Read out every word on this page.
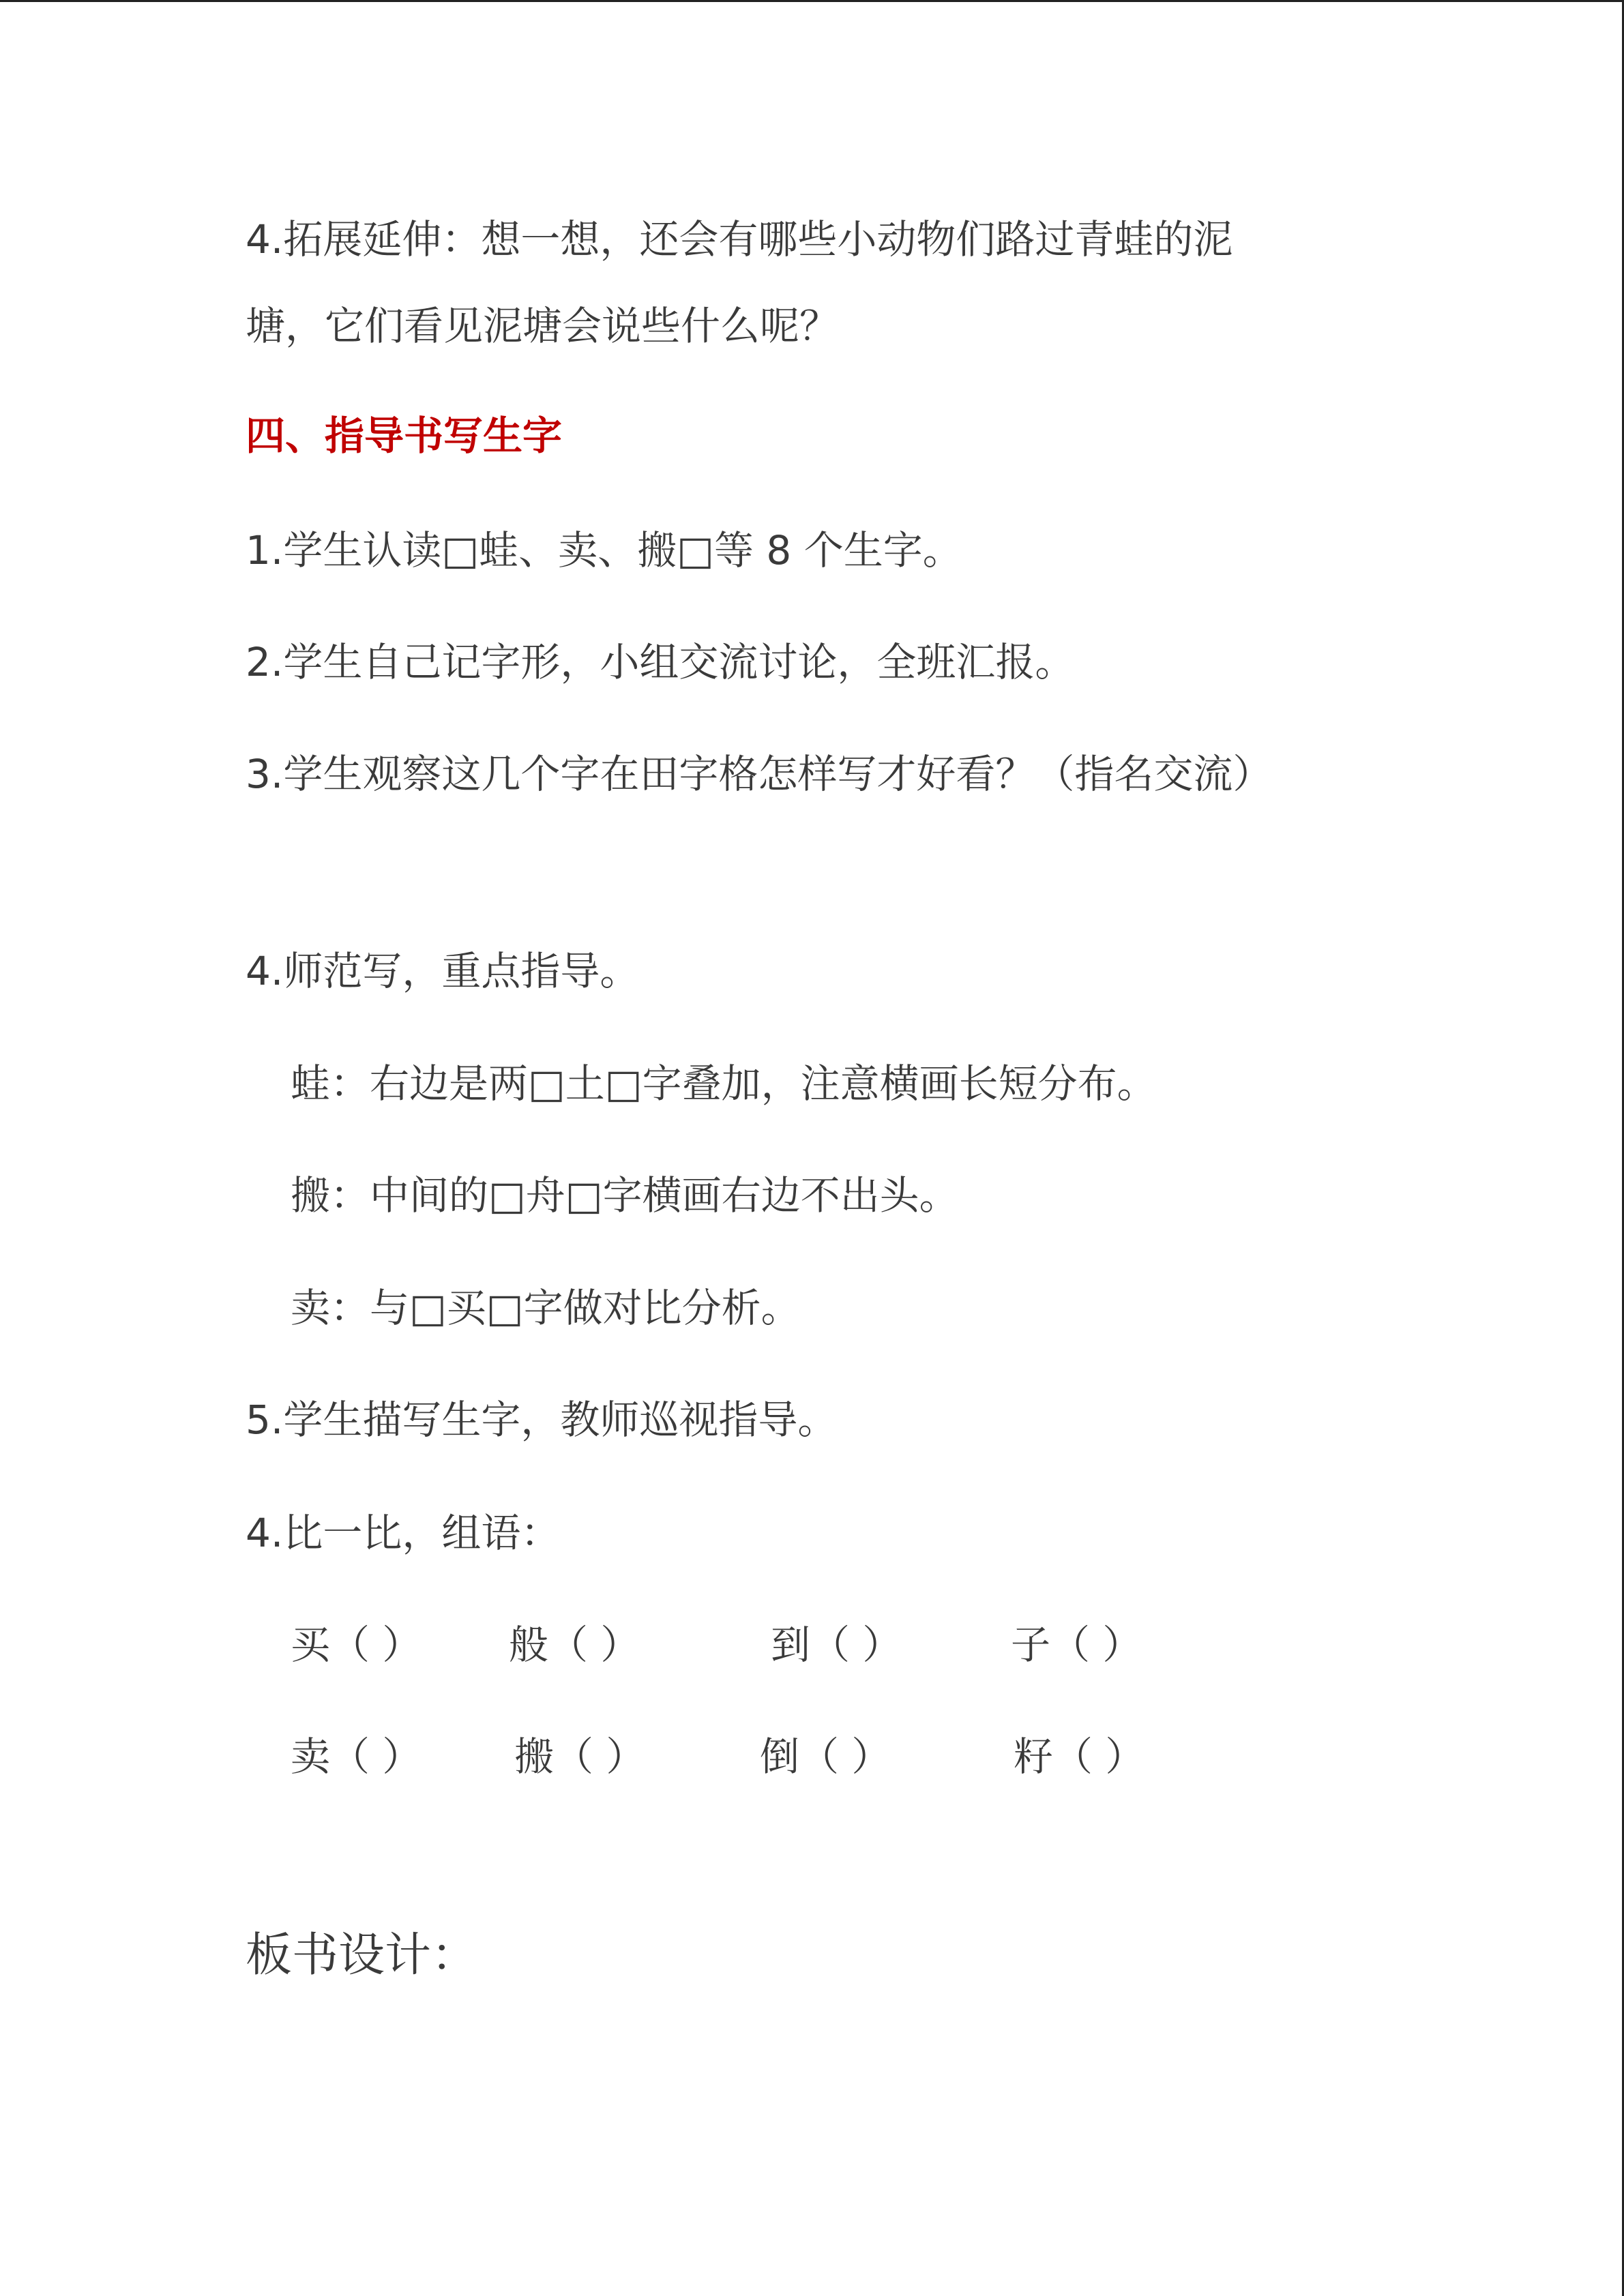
4.拓展延伸：想一想，还会有哪些小动物们路过青蛙的泥

塘，它们看见泥塘会说些什么呢？

四、指导书写生字

1.学生认读□蛙、卖、搬□等 8 个生字。

2.学生自己记字形，小组交流讨论，全班汇报。

3.学生观察这几个字在田字格怎样写才好看？（指名交流）

4.师范写，重点指导。

蛙：右边是两□土□字叠加，注意横画长短分布。

搬：中间的□舟□字横画右边不出头。

卖：与□买□字做对比分析。

5.学生描写生字，教师巡视指导。

4.比一比，组语：

买（ ） 般（ ）	到（ ）	子（ ）
卖（ ） 搬（ ）	倒（ ）	籽（ ）

板书设计：
